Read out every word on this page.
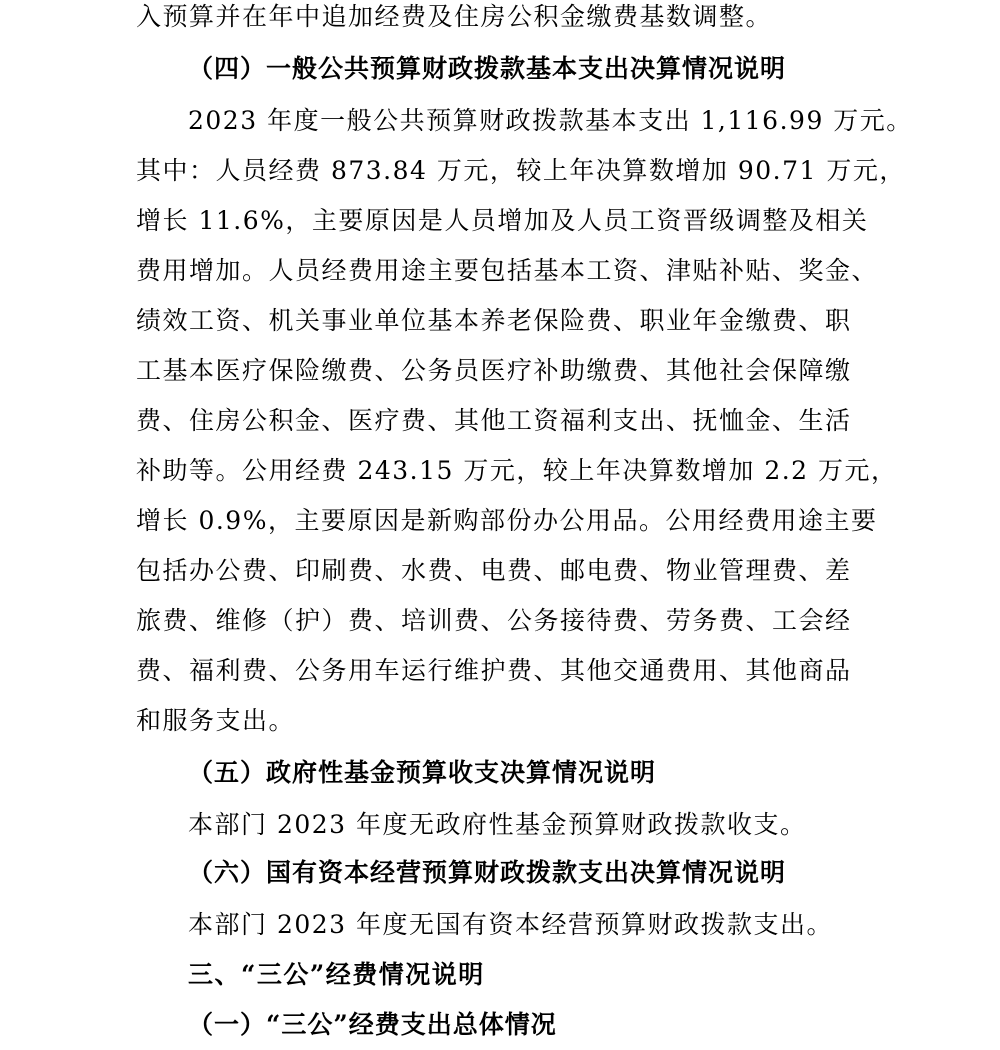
入预算并在年中追加经费及住房公积金缴费基数调整。
（四）一般公共预算财政拨款基本支出决算情况说明
2023 年度一般公共预算财政拨款基本支出 1,116.99 万元。
其中：人员经费 873.84 万元，较上年决算数增加 90.71 万元，
增长 11.6%，主要原因是人员增加及人员工资晋级调整及相关
费用增加。人员经费用途主要包括基本工资、津贴补贴、奖金、
绩效工资、机关事业单位基本养老保险费、职业年金缴费、职
工基本医疗保险缴费、公务员医疗补助缴费、其他社会保障缴
费、住房公积金、医疗费、其他工资福利支出、抚恤金、生活
补助等。公用经费 243.15 万元，较上年决算数增加 2.2 万元，
增长 0.9%，主要原因是新购部份办公用品。公用经费用途主要
包括办公费、印刷费、水费、电费、邮电费、物业管理费、差
旅费、维修（护）费、培训费、公务接待费、劳务费、工会经
费、福利费、公务用车运行维护费、其他交通费用、其他商品
和服务支出。
（五）政府性基金预算收支决算情况说明
本部门 2023 年度无政府性基金预算财政拨款收支。
（六）国有资本经营预算财政拨款支出决算情况说明
本部门 2023 年度无国有资本经营预算财政拨款支出。
三、“三公”经费情况说明
（一）“三公”经费支出总体情况
